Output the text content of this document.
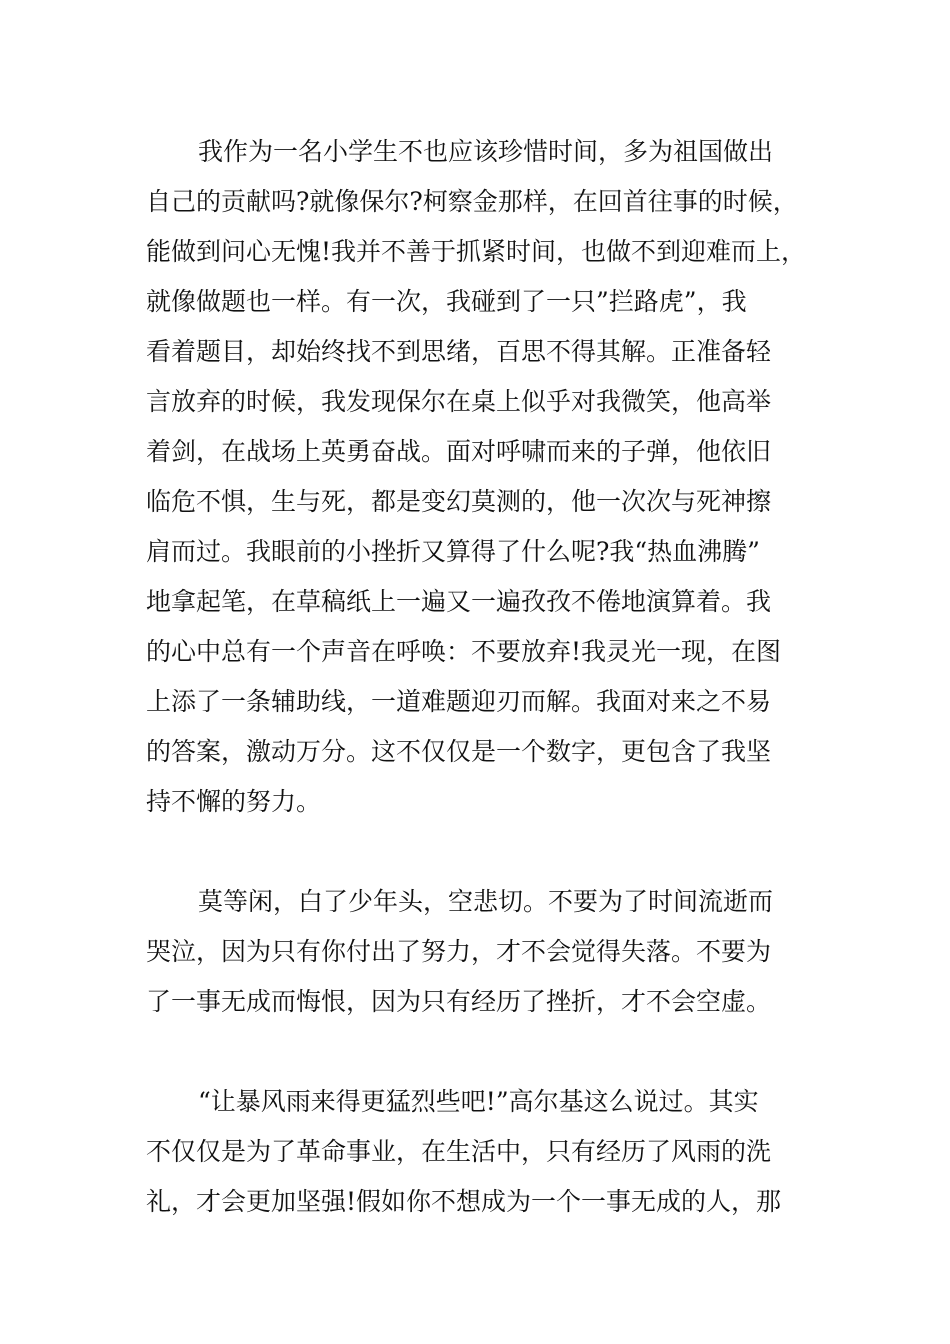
我作为一名小学生不也应该珍惜时间，多为祖国做出
自己的贡献吗?就像保尔?柯察金那样，在回首往事的时候，
能做到问心无愧!我并不善于抓紧时间，也做不到迎难而上，
就像做题也一样。有一次，我碰到了一只”拦路虎”，我
看着题目，却始终找不到思绪，百思不得其解。正准备轻
言放弃的时候，我发现保尔在桌上似乎对我微笑，他高举
着剑，在战场上英勇奋战。面对呼啸而来的子弹，他依旧
临危不惧，生与死，都是变幻莫测的，他一次次与死神擦
肩而过。我眼前的小挫折又算得了什么呢?我“热血沸腾”
地拿起笔，在草稿纸上一遍又一遍孜孜不倦地演算着。我
的心中总有一个声音在呼唤：不要放弃!我灵光一现，在图
上添了一条辅助线，一道难题迎刃而解。我面对来之不易
的答案，激动万分。这不仅仅是一个数字，更包含了我坚
持不懈的努力。
莫等闲，白了少年头，空悲切。不要为了时间流逝而
哭泣，因为只有你付出了努力，才不会觉得失落。不要为
了一事无成而悔恨，因为只有经历了挫折，才不会空虚。
“让暴风雨来得更猛烈些吧!”高尔基这么说过。其实
不仅仅是为了革命事业，在生活中，只有经历了风雨的洗
礼，才会更加坚强!假如你不想成为一个一事无成的人，那
